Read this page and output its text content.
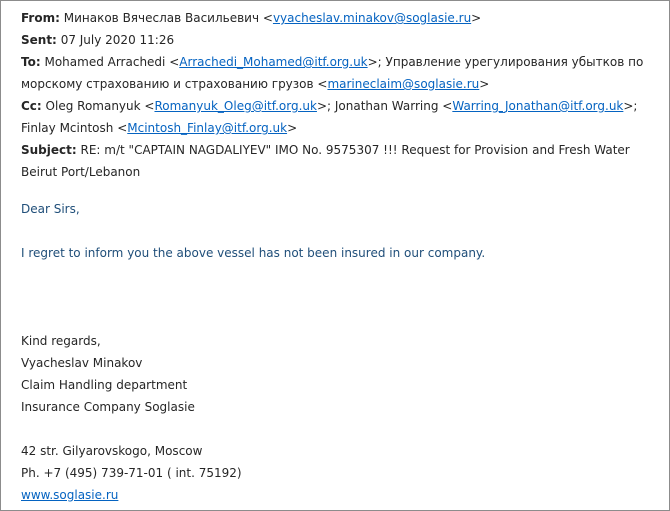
From: Минаков Вячеслав Васильевич <vyacheslav.minakov@soglasie.ru>
Sent: 07 July 2020 11:26
To: Mohamed Arrachedi <Arrachedi_Mohamed@itf.org.uk>; Управление урегулирования убытков по морскому страхованию и страхованию грузов <marineclaim@soglasie.ru>
Cc: Oleg Romanyuk <Romanyuk_Oleg@itf.org.uk>; Jonathan Warring <Warring_Jonathan@itf.org.uk>; Finlay Mcintosh <Mcintosh_Finlay@itf.org.uk>
Subject: RE: m/t "CAPTAIN NAGDALIYEV" IMO No. 9575307 !!! Request for Provision and Fresh Water Beirut Port/Lebanon
Dear Sirs,
I regret to inform you the above vessel has not been insured in our company.
Kind regards,
Vyacheslav Minakov
Claim Handling department
Insurance Company Soglasie
42 str. Gilyarovskogo, Moscow
Ph. +7 (495) 739-71-01 ( int. 75192)
www.soglasie.ru
